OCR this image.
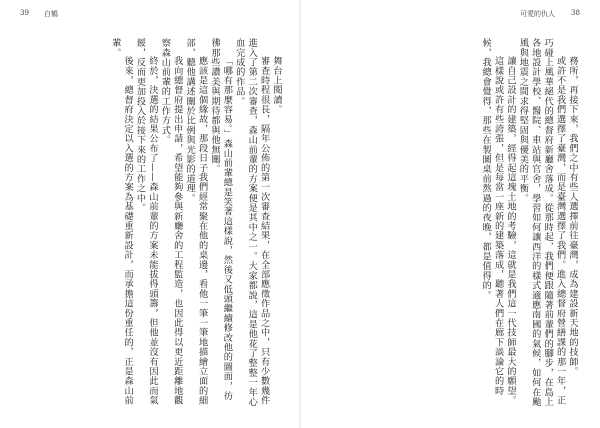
39 白鶴	可愛的仇人 38

務所，再接下來，我們之中有些人選擇前往臺灣，成為建設新天地的技師。

或許不是我們選擇了臺灣，而是臺灣選擇了我們。進入總督府營繕課的那一年，正巧碰上風華絕代的總督府新廳舍落成。從那時起，我們便跟隨著前輩們的腳步，在島上各地設計學校、醫院、車站與官舍，學習如何讓西洋的樣式適應南國的氣候，如何在颱風與地震之間求得堅固與優美的平衡。

讓自己設計的建築，經得起這塊土地的考驗，這就是我們這一代技師最大的願望。

這樣說或許有些誇張，但是每當一座新的建築落成，聽著人們在廊下談論它的時候，我總會覺得，那些在製圖桌前熬過的夜晚，都是值得的。

舞台上閱讀。

審查時程很長，隔年公佈的第一次審查結果，在全部應徵作品之中，只有少數幾件進入了第二次審查，森山前輩的方案便是其中之一。大家都說，這是他花了整整一年心血完成的作品。

「哪有那麼容易。」森山前輩總是笑著這樣說，然後又低頭繼續修改他的圖面，彷彿那些讚美與期待都與他無關。

應該是這個緣故，那段日子我們經常聚在他的桌邊，看他一筆一筆地描繪立面的細部，聽他講述關於比例與光影的道理。

我向總督府提出申請，希望能夠參與新廳舍的工程監造，也因此得以更近距離地觀察森山前輩的工作方式。

終於，決選的結果公布了——森山前輩的方案未能拔得頭籌，但他並沒有因此而氣餒，反而更加投入於接下來的工作之中。

後來，總督府決定以入選的方案為基礎重新設計，而承擔這份重任的，正是森山前輩。
